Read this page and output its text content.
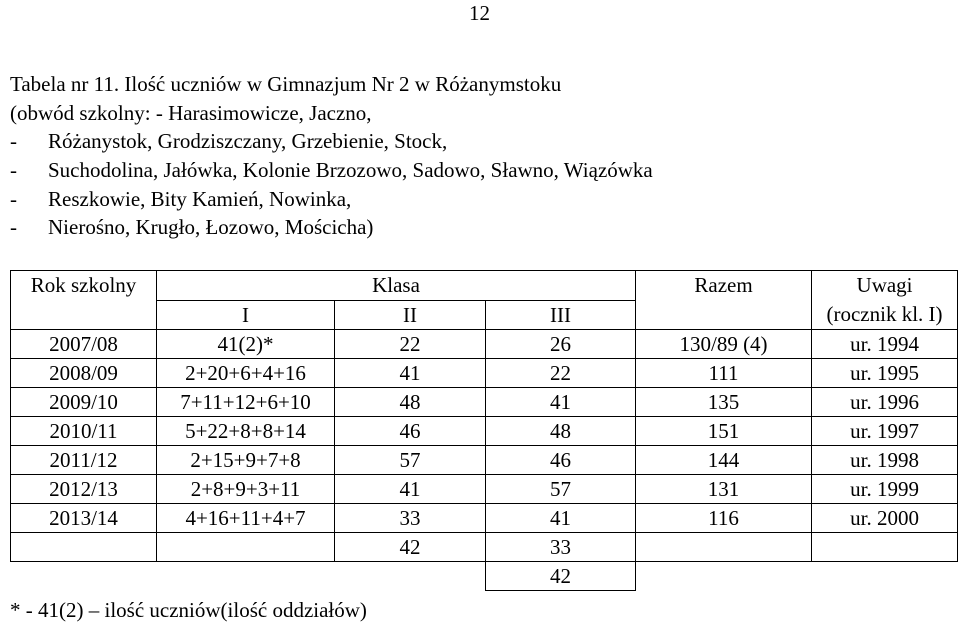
12
Tabela nr 11. Ilość uczniów w Gimnazjum Nr 2 w Różanymstoku
(obwód szkolny: - Harasimowicze, Jaczno,
- Różanystok, Grodziszczany, Grzebienie, Stock,
- Suchodolina, Jałówka, Kolonie Brzozowo, Sadowo, Sławno, Wiązówka
- Reszkowie, Bity Kamień, Nowinka,
- Nierośno, Krugło, Łozowo, Mościcha)
Rok szkolny	Klasa			Razem	Uwagi
	I	II	III		(rocznik kl. I)
2007/08	41(2)*	22	26	130/89 (4)	ur. 1994
2008/09	2+20+6+4+16	41	22	111	ur. 1995
2009/10	7+11+12+6+10	48	41	135	ur. 1996
2010/11	5+22+8+8+14	46	48	151	ur. 1997
2011/12	2+15+9+7+8	57	46	144	ur. 1998
2012/13	2+8+9+3+11	41	57	131	ur. 1999
2013/14	4+16+11+4+7	33	41	116	ur. 2000
		42	33		
			42		
* - 41(2) – ilość uczniów(ilość oddziałów)
